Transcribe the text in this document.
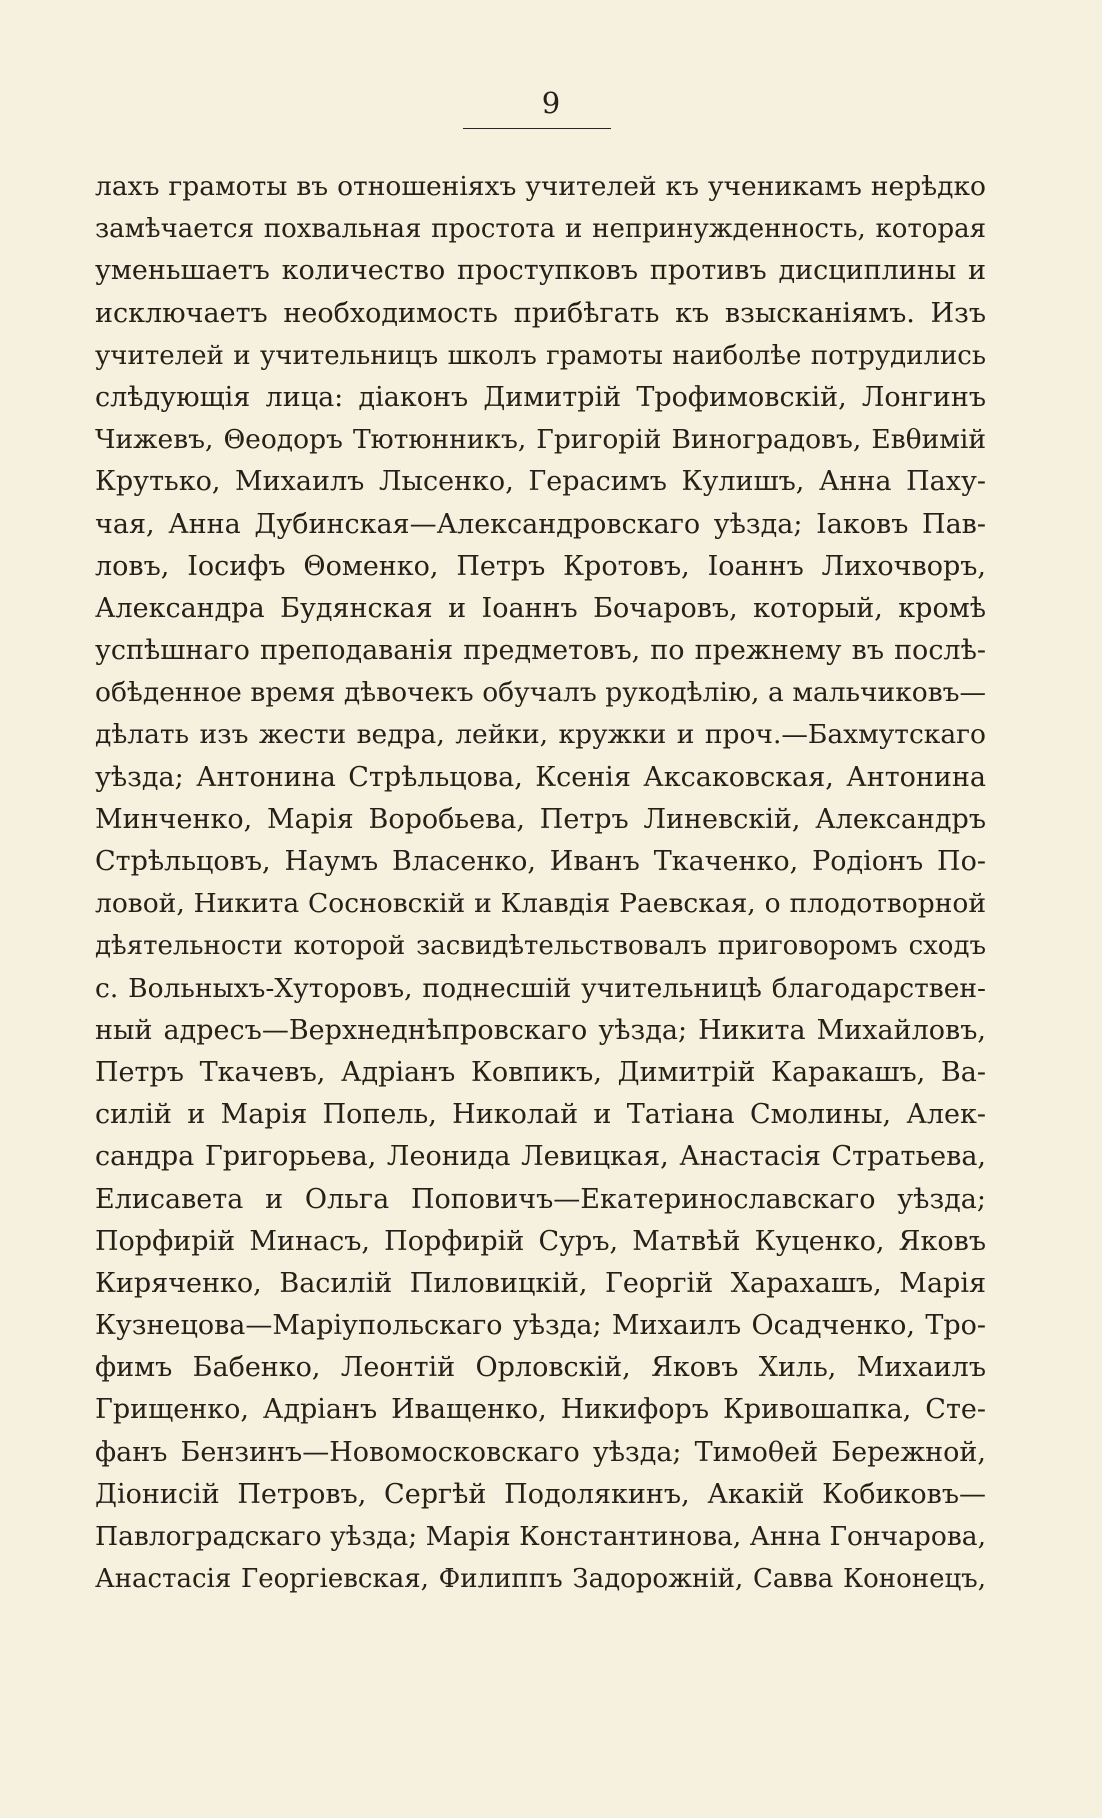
9
лахъ грамоты въ отношеніяхъ учителей къ ученикамъ нерѣдко
замѣчается похвальная простота и непринужденность, которая
уменьшаетъ количество проступковъ противъ дисциплины и
исключаетъ необходимость прибѣгать къ взысканіямъ. Изъ
учителей и учительницъ школъ грамоты наиболѣе потрудились
слѣдующія лица: діаконъ Димитрій Трофимовскій, Лонгинъ
Чижевъ, Θеодоръ Тютюнникъ, Григорій Виноградовъ, Евθимій
Крутько, Михаилъ Лысенко, Герасимъ Кулишъ, Анна Паху-
чая, Анна Дубинская—Александровскаго уѣзда; Іаковъ Пав-
ловъ, Іосифъ Θоменко, Петръ Кротовъ, Іоаннъ Лихочворъ,
Александра Будянская и Іоаннъ Бочаровъ, который, кромѣ
успѣшнаго преподаванія предметовъ, по прежнему въ послѣ-
обѣденное время дѣвочекъ обучалъ рукодѣлію, а мальчиковъ—
дѣлать изъ жести ведра, лейки, кружки и проч.—Бахмутскаго
уѣзда; Антонина Стрѣльцова, Ксенія Аксаковская, Антонина
Минченко, Марія Воробьева, Петръ Линевскій, Александръ
Стрѣльцовъ, Наумъ Власенко, Иванъ Ткаченко, Родіонъ По-
ловой, Никита Сосновскій и Клавдія Раевская, о плодотворной
дѣятельности которой засвидѣтельствовалъ приговоромъ сходъ
с. Вольныхъ-Хуторовъ, поднесшій учительницѣ благодарствен-
ный адресъ—Верхнеднѣпровскаго уѣзда; Никита Михайловъ,
Петръ Ткачевъ, Адріанъ Ковпикъ, Димитрій Каракашъ, Ва-
силій и Марія Попель, Николай и Татіана Смолины, Алек-
сандра Григорьева, Леонида Левицкая, Анастасія Стратьева,
Елисавета и Ольга Поповичъ—Екатеринославскаго уѣзда;
Порфирій Минасъ, Порфирій Суръ, Матвѣй Куценко, Яковъ
Киряченко, Василій Пиловицкій, Георгій Харахашъ, Марія
Кузнецова—Маріупольскаго уѣзда; Михаилъ Осадченко, Тро-
фимъ Бабенко, Леонтій Орловскій, Яковъ Хиль, Михаилъ
Грищенко, Адріанъ Иващенко, Никифоръ Кривошапка, Сте-
фанъ Бензинъ—Новомосковскаго уѣзда; Тимоθей Бережной,
Діонисій Петровъ, Сергѣй Подолякинъ, Акакій Кобиковъ—
Павлоградскаго уѣзда; Марія Константинова, Анна Гончарова,
Анастасія Георгіевская, Филиппъ Задорожній, Савва Кононецъ,
